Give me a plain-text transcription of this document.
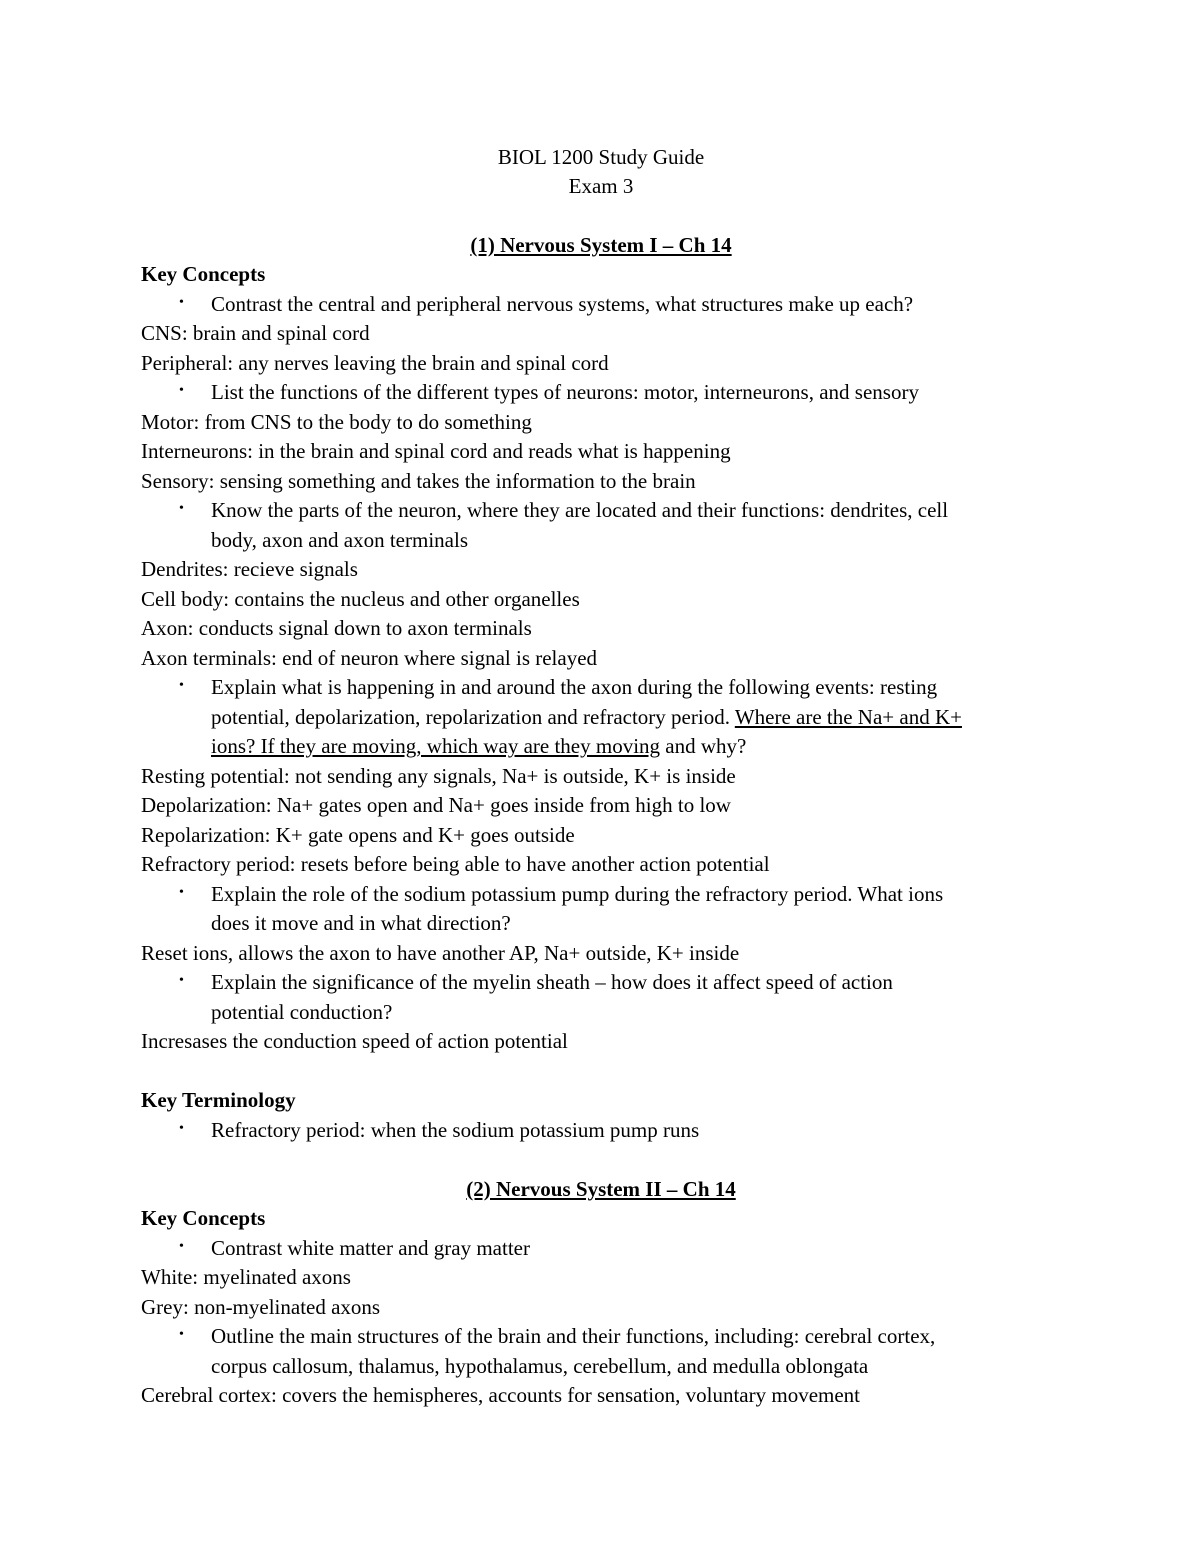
BIOL 1200 Study Guide
Exam 3
(1) Nervous System I – Ch 14
Key Concepts
• Contrast the central and peripheral nervous systems, what structures make up each?
CNS: brain and spinal cord
Peripheral: any nerves leaving the brain and spinal cord
• List the functions of the different types of neurons: motor, interneurons, and sensory
Motor: from CNS to the body to do something
Interneurons: in the brain and spinal cord and reads what is happening
Sensory: sensing something and takes the information to the brain
• Know the parts of the neuron, where they are located and their functions: dendrites, cell
body, axon and axon terminals
Dendrites: recieve signals
Cell body: contains the nucleus and other organelles
Axon: conducts signal down to axon terminals
Axon terminals: end of neuron where signal is relayed
• Explain what is happening in and around the axon during the following events: resting
potential, depolarization, repolarization and refractory period. Where are the Na+ and K+
ions? If they are moving, which way are they moving and why?
Resting potential: not sending any signals, Na+ is outside, K+ is inside
Depolarization: Na+ gates open and Na+ goes inside from high to low
Repolarization: K+ gate opens and K+ goes outside
Refractory period: resets before being able to have another action potential
• Explain the role of the sodium potassium pump during the refractory period. What ions
does it move and in what direction?
Reset ions, allows the axon to have another AP, Na+ outside, K+ inside
• Explain the significance of the myelin sheath – how does it affect speed of action
potential conduction?
Incresases the conduction speed of action potential
Key Terminology
• Refractory period: when the sodium potassium pump runs
(2) Nervous System II – Ch 14
Key Concepts
• Contrast white matter and gray matter
White: myelinated axons
Grey: non-myelinated axons
• Outline the main structures of the brain and their functions, including: cerebral cortex,
corpus callosum, thalamus, hypothalamus, cerebellum, and medulla oblongata
Cerebral cortex: covers the hemispheres, accounts for sensation, voluntary movement
